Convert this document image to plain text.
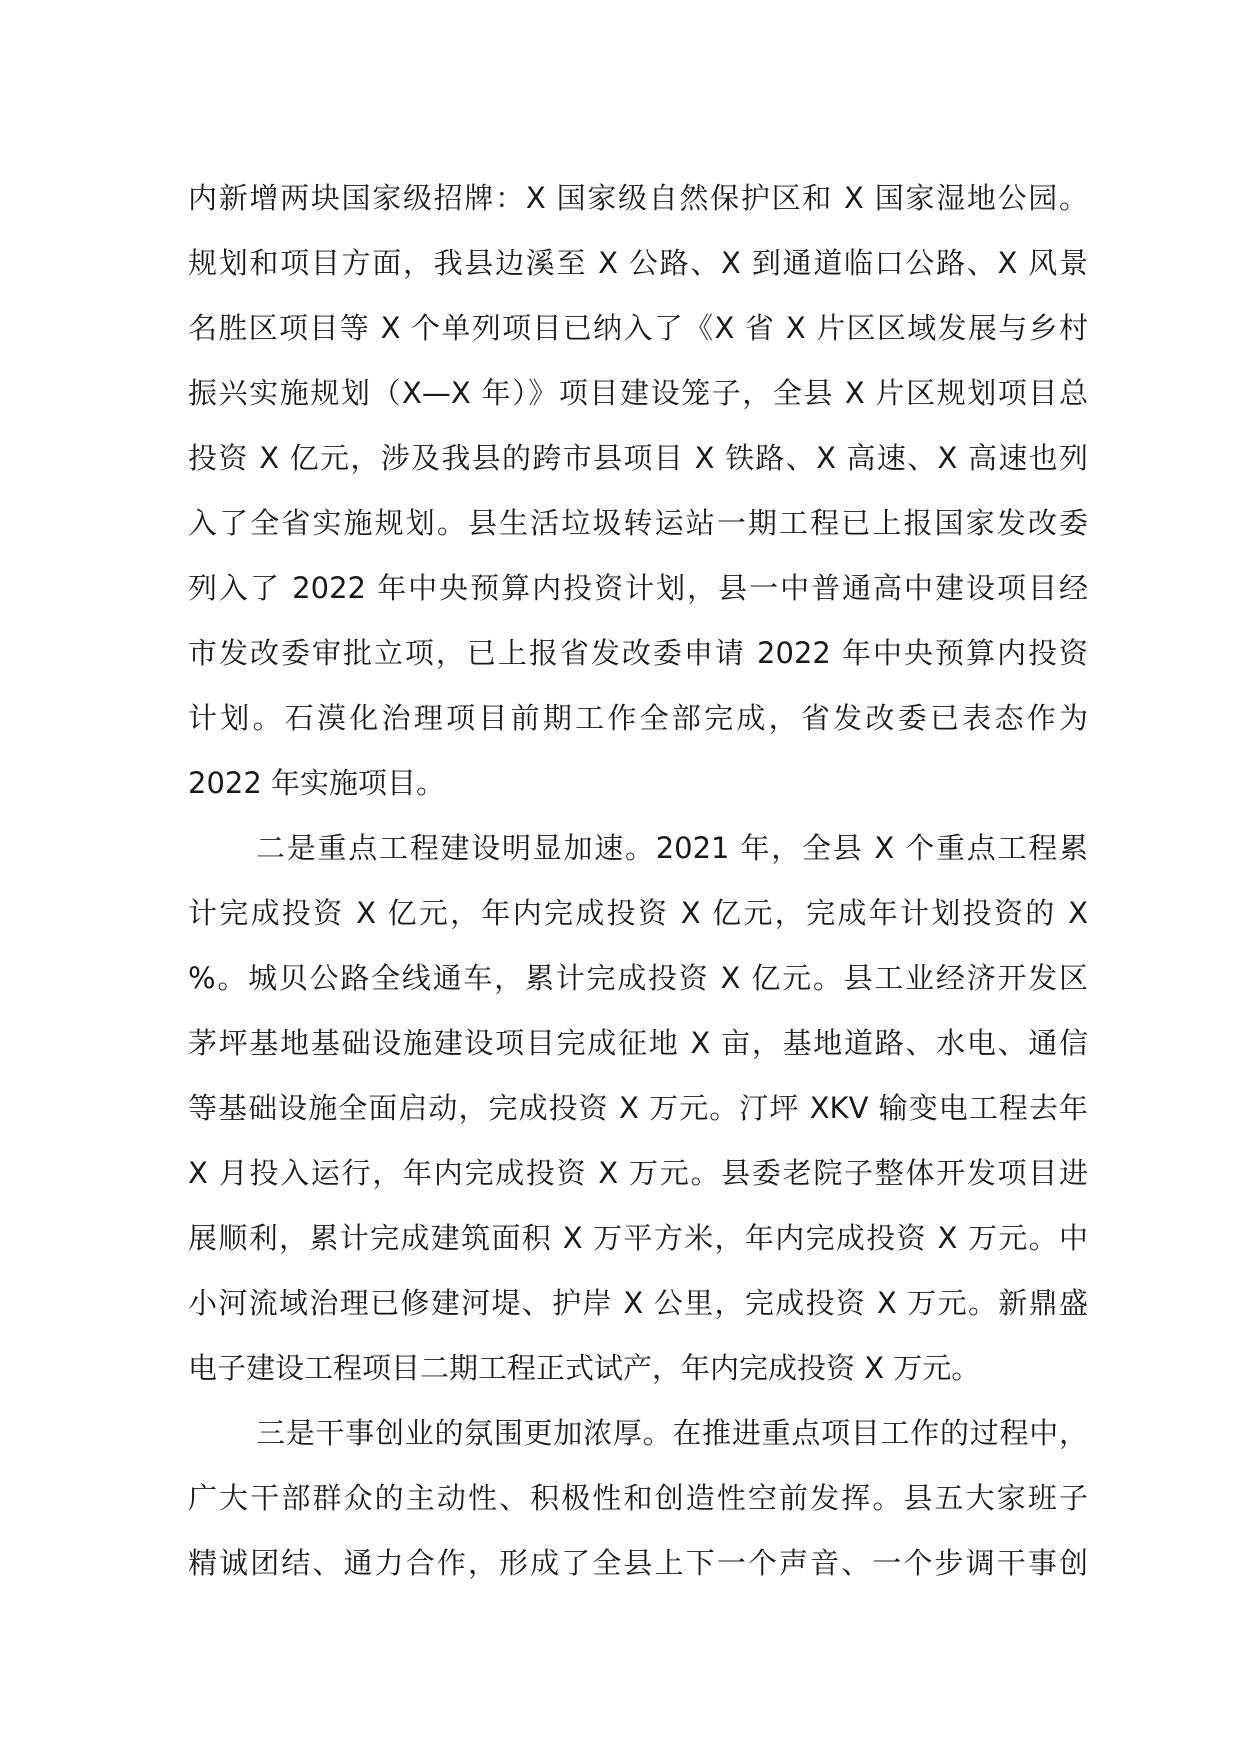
内新增两块国家级招牌：X 国家级自然保护区和 X 国家湿地公园。
规划和项目方面，我县边溪至 X 公路、X 到通道临口公路、X 风景
名胜区项目等 X 个单列项目已纳入了《X 省 X 片区区域发展与乡村
振兴实施规划（X—X 年）》项目建设笼子，全县 X 片区规划项目总
投资 X 亿元，涉及我县的跨市县项目 X 铁路、X 高速、X 高速也列
入了全省实施规划。县生活垃圾转运站一期工程已上报国家发改委
列入了 2022 年中央预算内投资计划，县一中普通高中建设项目经
市发改委审批立项，已上报省发改委申请 2022 年中央预算内投资
计划。石漠化治理项目前期工作全部完成，省发改委已表态作为
2022 年实施项目。
二是重点工程建设明显加速。2021 年，全县 X 个重点工程累
计完成投资 X 亿元，年内完成投资 X 亿元，完成年计划投资的 X
%。城贝公路全线通车，累计完成投资 X 亿元。县工业经济开发区
茅坪基地基础设施建设项目完成征地 X 亩，基地道路、水电、通信
等基础设施全面启动，完成投资 X 万元。汀坪 XKV 输变电工程去年
X 月投入运行，年内完成投资 X 万元。县委老院子整体开发项目进
展顺利，累计完成建筑面积 X 万平方米，年内完成投资 X 万元。中
小河流域治理已修建河堤、护岸 X 公里，完成投资 X 万元。新鼎盛
电子建设工程项目二期工程正式试产，年内完成投资 X 万元。
三是干事创业的氛围更加浓厚。在推进重点项目工作的过程中，
广大干部群众的主动性、积极性和创造性空前发挥。县五大家班子
精诚团结、通力合作，形成了全县上下一个声音、一个步调干事创
